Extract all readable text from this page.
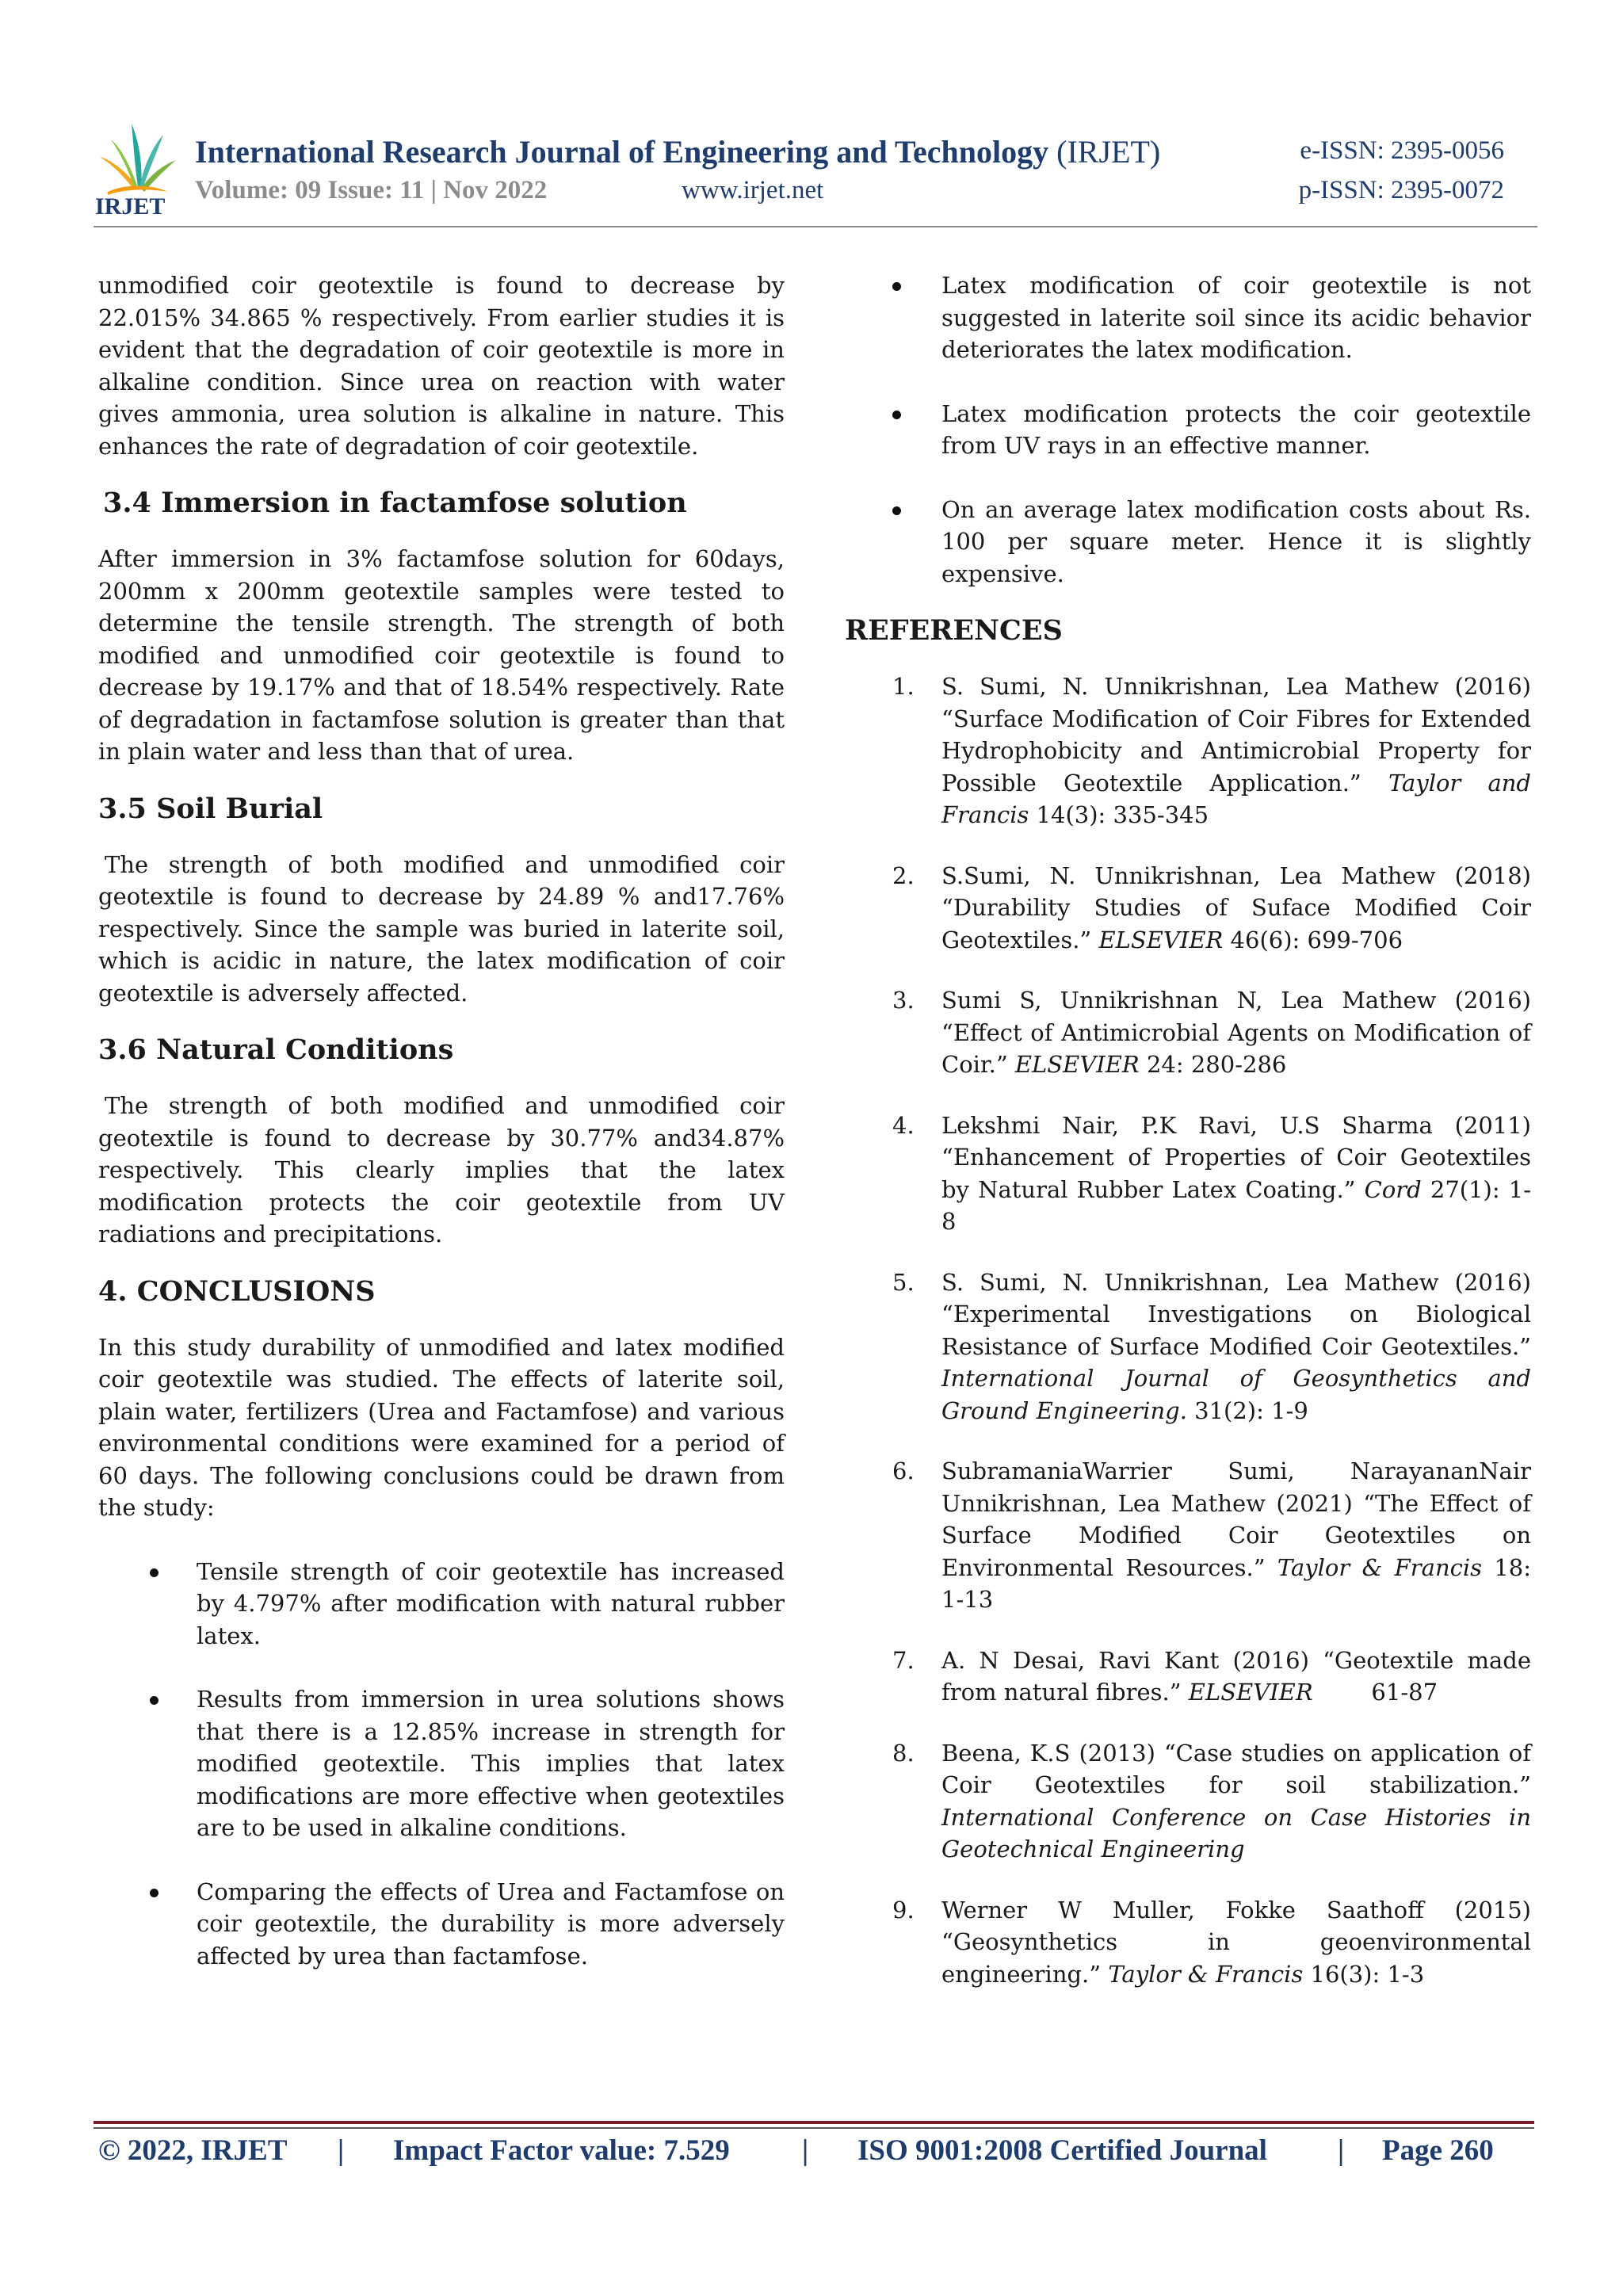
IRJET
International Research Journal of Engineering and Technology (IRJET)	e-ISSN: 2395-0056
Volume: 09 Issue: 11 | Nov 2022	www.irjet.net	p-ISSN: 2395-0072

unmodified coir geotextile is found to decrease by 22.015% 34.865 % respectively. From earlier studies it is evident that the degradation of coir geotextile is more in alkaline condition. Since urea on reaction with water gives ammonia, urea solution is alkaline in nature. This enhances the rate of degradation of coir geotextile.

3.4 Immersion in factamfose solution

After immersion in 3% factamfose solution for 60days, 200mm x 200mm geotextile samples were tested to determine the tensile strength. The strength of both modified and unmodified coir geotextile is found to decrease by 19.17% and that of 18.54% respectively. Rate of degradation in factamfose solution is greater than that in plain water and less than that of urea.

3.5 Soil Burial

The strength of both modified and unmodified coir geotextile is found to decrease by 24.89 % and17.76% respectively. Since the sample was buried in laterite soil, which is acidic in nature, the latex modification of coir geotextile is adversely affected.

3.6 Natural Conditions

The strength of both modified and unmodified coir geotextile is found to decrease by 30.77% and34.87% respectively. This clearly implies that the latex modification protects the coir geotextile from UV radiations and precipitations.

4. CONCLUSIONS

In this study durability of unmodified and latex modified coir geotextile was studied. The effects of laterite soil, plain water, fertilizers (Urea and Factamfose) and various environmental conditions were examined for a period of 60 days. The following conclusions could be drawn from the study:

Tensile strength of coir geotextile has increased by 4.797% after modification with natural rubber latex.
Results from immersion in urea solutions shows that there is a 12.85% increase in strength for modified geotextile. This implies that latex modifications are more effective when geotextiles are to be used in alkaline conditions.
Comparing the effects of Urea and Factamfose on coir geotextile, the durability is more adversely affected by urea than factamfose.
Latex modification of coir geotextile is not suggested in laterite soil since its acidic behavior deteriorates the latex modification.
Latex modification protects the coir geotextile from UV rays in an effective manner.
On an average latex modification costs about Rs. 100 per square meter. Hence it is slightly expensive.
REFERENCES
1. S. Sumi, N. Unnikrishnan, Lea Mathew (2016) “Surface Modification of Coir Fibres for Extended Hydrophobicity and Antimicrobial Property for Possible Geotextile Application.” Taylor and Francis 14(3): 335-345
2. S.Sumi, N. Unnikrishnan, Lea Mathew (2018) “Durability Studies of Suface Modified Coir Geotextiles.” ELSEVIER 46(6): 699-706
3. Sumi S, Unnikrishnan N, Lea Mathew (2016) “Effect of Antimicrobial Agents on Modification of Coir.” ELSEVIER 24: 280-286
4. Lekshmi Nair, P.K Ravi, U.S Sharma (2011) “Enhancement of Properties of Coir Geotextiles by Natural Rubber Latex Coating.” Cord 27(1): 1-8
5. S. Sumi, N. Unnikrishnan, Lea Mathew (2016) “Experimental Investigations on Biological Resistance of Surface Modified Coir Geotextiles.” International Journal of Geosynthetics and Ground Engineering. 31(2): 1-9
6. SubramaniaWarrier Sumi, NarayananNair Unnikrishnan, Lea Mathew (2021) “The Effect of Surface Modified Coir Geotextiles on Environmental Resources.” Taylor & Francis 18: 1-13
7. A. N Desai, Ravi Kant (2016) “Geotextile made from natural fibres.” ELSEVIER        61-87
8. Beena, K.S (2013) “Case studies on application of Coir Geotextiles for soil stabilization.” International Conference on Case Histories in Geotechnical Engineering
9. Werner W Muller, Fokke Saathoff (2015) “Geosynthetics in geoenvironmental engineering.” Taylor & Francis 16(3): 1-3
© 2022, IRJET | Impact Factor value: 7.529 | ISO 9001:2008 Certified Journal | Page 260
